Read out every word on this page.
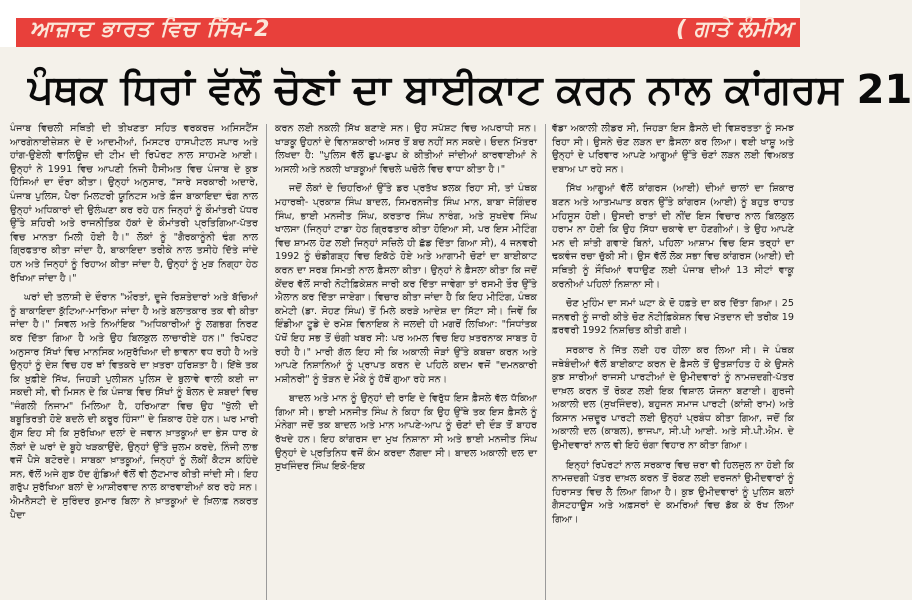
ਆਜ਼ਾਦ ਭਾਰਤ ਵਿਚ ਸਿੱਖ-2	( ਗਾਤੇ ਲੰਮੀਅ
ਪੰਥਕ ਧਿਰਾਂ ਵੱਲੋਂ ਚੋਣਾਂ ਦਾ ਬਾਈਕਾਟ ਕਰਨ ਨਾਲ ਕਾਂਗਰਸ 21

ਪੰਜਾਬ ਵਿਚਲੀ ਸਥਿਤੀ ਦੀ ਤੀਖਣਤਾ ਸਹਿਤ ਵਰਕਰਜ਼ ਅਸਿਸਟੈਂਸ ਆਰਗੇਨਾਈਜ਼ੇਸ਼ਨ ਦੇ ਦੋ ਆਦਮੀਆਂ, ਮਿਸਟਰ ਹਾਸਪੀਟਲ ਸਪਾਰ ਅਤੇ ਹਾਂਗ-ਉਏਲੀ ਵਾਲਿਊਜ਼ ਦੀ ਟੀਮ ਦੀ ਰਿਪੋਰਟ ਨਾਲ ਸਾਹਮਣੇ ਆਈ। ਉਨ੍ਹਾਂ ਨੇ 1991 ਵਿਚ ਆਪਣੀ ਨਿਜੀ ਹੈਸੀਅਤ ਵਿਚ ਪੰਜਾਬ ਦੇ ਕੁਝ ਹਿੱਸਿਆਂ ਦਾ ਦੌਰਾ ਕੀਤਾ। ਉਨ੍ਹਾਂ ਅਨੁਸਾਰ, "ਸਾਰੇ ਸਰਕਾਰੀ ਅਦਾਰੇ, ਪੰਜਾਬ ਪੁਲਿਸ, ਪੈਰਾ ਮਿਲਟਰੀ ਯੂਨਿਟਸ ਅਤੇ ਫ਼ੌਜ ਬਾਕਾਇਦਾ ਢੰਗ ਨਾਲ ਉਨ੍ਹਾਂ ਅਧਿਕਾਰਾਂ ਦੀ ਉਲੰਘਣਾ ਕਰ ਰਹੇ ਹਨ ਜਿਨ੍ਹਾਂ ਨੂੰ ਕੌਮਾਂਤਰੀ ਪੱਧਰ ਉੱਤੇ ਸ਼ਹਿਰੀ ਅਤੇ ਰਾਜਨੀਤਿਕ ਹੱਕਾਂ ਦੇ ਕੌਮਾਂਤਰੀ ਪ੍ਰਤਿਗਿਆ-ਪੱਤਰ ਵਿਚ ਮਾਨਤਾ ਮਿਲੀ ਹੋਈ ਹੈ।" ਲੋਕਾਂ ਨੂੰ "ਗੈਰਕਾਨੂੰਨੀ ਢੰਗ ਨਾਲ ਗ੍ਰਿਫਤਾਰ ਕੀਤਾ ਜਾਂਦਾ ਹੈ, ਬਾਕਾਇਦਾ ਤਰੀਕੇ ਨਾਲ ਤਸੀਹੇ ਦਿੱਤੇ ਜਾਂਦੇ ਹਨ ਅਤੇ ਜਿਨ੍ਹਾਂ ਨੂੰ ਰਿਹਾਅ ਕੀਤਾ ਜਾਂਦਾ ਹੈ, ਉਨ੍ਹਾਂ ਨੂੰ ਮੁੜ ਨਿਗ੍ਹਾ ਹੇਠ ਰੱਖਿਆ ਜਾਂਦਾ ਹੈ।"

ਘਰਾਂ ਦੀ ਤਲਾਸ਼ੀ ਦੇ ਦੌਰਾਨ "ਔਰਤਾਂ, ਦੂਜੇ ਰਿਸ਼ਤੇਦਾਰਾਂ ਅਤੇ ਬੱਚਿਆਂ ਨੂੰ ਬਾਕਾਇਦਾ ਕੁੱਟਿਆ-ਮਾਰਿਆ ਜਾਂਦਾ ਹੈ ਅਤੇ ਬਲਾਤਕਾਰ ਤਕ ਵੀ ਕੀਤਾ ਜਾਂਦਾ ਹੈ।" ਸਿਵਲ ਅਤੇ ਨਿਆਂਇਕ "ਅਧਿਕਾਰੀਆਂ ਨੂੰ ਲਗਭਗ ਨਿਰਣ ਕਰ ਦਿੱਤਾ ਗਿਆ ਹੈ ਅਤੇ ਉਹ ਬਿਲਕੁਲ ਲਾਚਾਰੀਏ ਹਨ।" ਰਿਪੋਰਟ ਅਨੁਸਾਰ ਸਿੱਖਾਂ ਵਿਚ ਮਾਨਸਿਕ ਅਸੁਰੱਖਿਆ ਦੀ ਭਾਵਨਾ ਵਧ ਰਹੀ ਹੈ ਅਤੇ ਉਨ੍ਹਾਂ ਨੂੰ ਦੇਸ਼ ਵਿਚ ਹਰ ਥਾਂ ਵਿਤਕਰੇ ਦਾ ਖ਼ਤਰਾ ਹਰਿਸ਼ਤਾ ਹੈ। ਇੱਥੇ ਤਕ ਕਿ ਖ਼ੁਫ਼ੀਏ ਸਿੱਖ, ਜਿਹੜੀ ਪੁਲੀਸ਼ਨ ਪੁਲਿਸ ਦੇ ਬੁਲਾਵੇ ਵਾਲੀ ਕਈ ਜਾ ਸਕਦੀ ਸੀ, ਵੀ ਮਿਸਨ ਦੇ ਕਿ ਪੰਜਾਬ ਵਿਚ ਸਿੱਖਾਂ ਨੂੰ ਬੋਲਨ ਦੇ ਸ਼ਬਦਾਂ ਵਿਚ "ਜੰਗਲੀ ਨਿਜਾਮ" ਮਿਲਿਆ ਹੈ, ਹਰਿਆਣਾ ਵਿਚ ਉਹ "ਖੁੱਲੀ ਦੀ ਬਬੂਤਿਰਤੀ ਹੋਏ ਬਦਲੇ ਦੀ ਕਰੂਰ ਹਿੰਸਾ" ਦੇ ਸ਼ਿਕਾਰ ਹੋਏ ਹਨ। ਘਰ ਮਾਰੀ ਗੁੱਸ ਇਹ ਸੀ ਕਿ ਸੁਰੱਖਿਆ ਦਲਾਂ ਦੇ ਜਵਾਨ ਖ਼ਾਤਕੂਆਂ ਦਾ ਭੇਸ ਧਾਰ ਕੇ ਲੋਕਾਂ ਦੇ ਘਰਾਂ ਦੇ ਬੂਹੇ ਖੜਕਾਉਂਦੇ, ਉਨ੍ਹਾਂ ਉੱਤੇ ਜ਼ੁਲਮ ਕਰਦੇ, ਨਿੰਜੀ ਲਾਭ ਵਜੋਂ ਪੈਸੇ ਬਟੋਰਦੇ। ਸਾਬਕਾ ਖ਼ਾਤਕੂਆਂ, ਜਿਨ੍ਹਾਂ ਨੂੰ ਲੋਕੀਂ ਕੈਟਸ ਕਹਿੰਦੇ ਸਨ, ਵੱਲੋਂ ਅਜੇ ਗੁਝ ਹੱਦ ਗੁੰਡਿਆਂ ਵੱਲੋਂ ਵੀ ਲੁੱਟਮਾਰ ਕੀਤੀ ਜਾਂਦੀ ਸੀ। ਇਹ ਗਰੁੱਪ ਸੁਰੱਖਿਆ ਬਲਾਂ ਦੇ ਆਸ਼ੀਰਵਾਦ ਨਾਲ ਕਾਰਵਾਈਆਂ ਕਰ ਰਹੇ ਸਨ। ਐਮਨੈਸਟੀ ਦੇ ਸੁਰਿੰਦਰ ਕੁਮਾਰ ਬਿਲਾ ਨੇ ਖ਼ਾਤਕੂਆਂ ਦੇ ਖ਼ਿਲਾਫ਼ ਨਕਰਤ ਪੈਦਾ

ਕਰਨ ਲਈ ਨਕਲੀ ਸਿੱਖ ਬਣਾਏ ਸਨ। ਉਹ ਸਪੱਸ਼ਟ ਵਿਚ ਅਪਰਾਧੀ ਸਨ। ਖਾੜਕੂ ਉਹਨਾਂ ਦੇ ਵਿਨਾਸ਼ਕਾਰੀ ਅਸਰ ਤੋਂ ਬਚ ਨਹੀਂ ਸਨ ਸਕਦੇ। ਓਦਨ ਮਿੱਤਰਾ ਲਿਖਦਾ ਹੈ: "ਪੁਲਿਸ ਵੱਲੋਂ ਛੁਪ-ਛੁਪ ਕੇ ਕੀਤੀਆਂ ਜਾਂਦੀਆਂ ਕਾਰਵਾਈਆਂ ਨੇ ਅਸਲੀ ਅਤੇ ਨਕਲੀ ਖਾੜਕੂਆਂ ਵਿਚਲੇ ਘਚੋਲੇ ਵਿਚ ਵਾਧਾ ਕੀਤਾ ਹੈ।"

ਜਦੋਂ ਲੋਕਾਂ ਦੇ ਚਿਹਰਿਆਂ ਉੱਤੇ ਡਰ ਪ੍ਰਤੱਖ ਝਲਕ ਰਿਹਾ ਸੀ, ਤਾਂ ਪੰਥਕ ਮਹਾਰਥੀ- ਪ੍ਰਕਾਸ਼ ਸਿੰਘ ਬਾਦਲ, ਸਿਮਰਨਜੀਤ ਸਿੰਘ ਮਾਨ, ਬਾਬਾ ਜੋਗਿੰਦਰ ਸਿੰਘ, ਭਾਈ ਮਨਜੀਤ ਸਿੰਘ, ਕਰਤਾਰ ਸਿੰਘ ਨਾਰੰਗ, ਅਤੇ ਸੁਖਦੇਵ ਸਿੰਘ ਖਾਲਸਾ (ਜਿਨ੍ਹਾਂ ਟਾਡਾ ਹੇਠ ਗ੍ਰਿਫਤਾਰ ਕੀਤਾ ਹੋਇਆ ਸੀ, ਪਰ ਇਸ ਮੀਟਿੰਗ ਵਿਚ ਸ਼ਾਮਲ ਹੋਣ ਲਈ ਜਿਨ੍ਹਾਂ ਸਜ਼ਿਲੇ ਹੀ ਛੱਡ ਦਿੱਤਾ ਗਿਆ ਸੀ), 4 ਜਨਵਰੀ 1992 ਨੂੰ ਚੰਡੀਗੜ੍ਹ ਵਿਚ ਇਕੱਠੇ ਹੋਏ ਅਤੇ ਆਗਾਮੀ ਚੋਣਾਂ ਦਾ ਬਾਈਕਾਟ ਕਰਨ ਦਾ ਸਰਬ ਸਿਮਤੀ ਨਾਲ ਫ਼ੈਸਲਾ ਕੀਤਾ। ਉਨ੍ਹਾਂ ਨੇ ਫ਼ੈਸਲਾ ਕੀਤਾ ਕਿ ਜਦੋਂ ਕੇਂਦਰ ਵੱਲੋਂ ਸਾਰੀ ਨੋਟੀਫ਼ਿਕੇਸ਼ਨ ਜਾਰੀ ਕਰ ਦਿੱਤਾ ਜਾਵੇਗਾ ਤਾਂ ਰਸਮੀ ਤੌਰ ਉੱਤੇ ਐਲਾਨ ਕਰ ਦਿੱਤਾ ਜਾਏਗਾ। ਵਿਚਾਰ ਕੀਤਾ ਜਾਂਦਾ ਹੈ ਕਿ ਇਹ ਮੀਟਿੰਗ, ਪੰਥਕ ਕਮੇਟੀ (ਡਾ. ਸੋਹਣ ਸਿੰਘ) ਤੋਂ ਮਿਲੇ ਕਰੜੇ ਆਦੇਸ਼ ਦਾ ਸਿੱਟਾ ਸੀ। ਜਿਵੇਂ ਕਿ ਇੰਡੀਆ ਟੂਡੇ ਦੇ ਰਮੇਸ਼ ਵਿਨਾਇਕ ਨੇ ਜਲਦੀ ਹੀ ਮਗਰੋਂ ਲਿਖਿਆ: "ਸਿਧਾਂਤਕ ਪੱਖੋਂ ਇਹ ਸਭ ਤੋਂ ਚੰਗੀ ਖਬਰ ਸੀ: ਪਰ ਅਮਲ ਵਿਚ ਇਹ ਖ਼ਤਰਨਾਕ ਸਾਬਤ ਹੋ ਰਹੀ ਹੈ।" ਮਾਰੀ ਗੱਲ ਇਹ ਸੀ ਕਿ ਅਕਾਲੀ ਜੋੜਾਂ ਉੱਤੇ ਕਬਜ਼ਾ ਕਰਨ ਅਤੇ ਆਪਣੇ ਨਿਸ਼ਾਨਿਆਂ ਨੂੰ ਪ੍ਰਾਪਤ ਕਰਨ ਦੇ ਪਹਿਲੇ ਕਦਮ ਵਜੋਂ "ਦਮਨਕਾਰੀ ਮਸ਼ੀਨਰੀ" ਨੂੰ ਤੋੜਨ ਦੇ ਮੌਕੇ ਨੂੰ ਹੱਥੋਂ ਗੁਆ ਰਹੇ ਸਨ।

ਬਾਦਲ ਅਤੇ ਮਾਨ ਨੂੰ ਉਨ੍ਹਾਂ ਦੀ ਰਾਇ ਦੇ ਵਿਰੁੱਧ ਇਸ ਫ਼ੈਸਲੇ ਵੱਲ ਧੱਕਿਆ ਗਿਆ ਸੀ। ਭਾਈ ਮਨਜੀਤ ਸਿੰਘ ਨੇ ਕਿਹਾ ਕਿ ਉਹ ਉੱਥੇ ਤਕ ਇਸ ਫ਼ੈਸਲੇ ਨੂੰ ਮੰਨੇਗਾ ਜਦੋਂ ਤਕ ਬਾਦਲ ਅਤੇ ਮਾਨ ਆਪਣੇ-ਆਪ ਨੂੰ ਚੋਣਾਂ ਦੀ ਦੌੜ ਤੋਂ ਬਾਹਰ ਰੱਖਦੇ ਹਨ। ਇਹ ਕਾਂਗਰਸ ਦਾ ਮੁਖ ਨਿਸ਼ਾਨਾ ਸੀ ਅਤੇ ਭਾਈ ਮਨਜੀਤ ਸਿੰਘ ਉਨ੍ਹਾਂ ਦੇ ਪ੍ਰਤਿਨਿਧ ਵਜੋਂ ਕੰਮ ਕਰਦਾ ਲੱਗਦਾ ਸੀ। ਬਾਦਲ ਅਕਾਲੀ ਦਲ ਦਾ ਸੁਖਜਿੰਦਰ ਸਿੰਘ ਇਕੋ-ਇਕ

ਵੱਡਾ ਅਕਾਲੀ ਲੀਡਰ ਸੀ, ਜਿਹੜਾ ਇਸ ਫ਼ੈਸਲੇ ਦੀ ਵਿਸ਼ਰਤਤਾ ਨੂੰ ਸਮਝ ਰਿਹਾ ਸੀ। ਉਸਨੇ ਚੋਣ ਲੜਨ ਦਾ ਫ਼ੈਸਲਾ ਕਰ ਲਿਆ। ਵਈ ਖਾਸ਼ੂ ਅਤੇ ਉਨ੍ਹਾਂ ਦੇ ਪਰਿਵਾਰ ਆਪਣੇ ਆਗੂਆਂ ਉੱਤੇ ਚੋਣਾਂ ਲੜਨ ਲਈ ਵਿਅਕਤ ਦਬਾਅ ਪਾ ਰਹੇ ਸਨ।

ਸਿੱਖ ਆਗੂਆਂ ਵੱਲੋਂ ਕਾਂਗਰਸ (ਆਈ) ਦੀਆਂ ਚਾਲਾਂ ਦਾ ਸ਼ਿਕਾਰ ਬਣਨ ਅਤੇ ਆਤਮਘਾਤ ਕਰਨ ਉੱਤੇ ਕਾਂਗਰਸ (ਆਈ) ਨੂੰ ਬਹੁਤ ਰਾਹਤ ਮਹਿਸੂਸ ਹੋਈ। ਉਸਦੀ ਰਾਤਾਂ ਦੀ ਨੀਂਦ ਇਸ ਵਿਚਾਰ ਨਾਲ ਬਿਲਕੁਲ ਹਰਾਮ ਨਾ ਹੋਈ ਕਿ ਉਹ ਸਿੱਧਾ ਚਕਾਵੇ ਦਾ ਹੋਣਗੀਆਂ। ਤੇ ਉਹ ਆਪਣੇ ਮਨ ਦੀ ਸ਼ਾਂਤੀ ਗਵਾਏ ਬਿਨਾਂ, ਪਹਿਲਾ ਆਸ਼ਾਮ ਵਿਚ ਇਸ ਤਰ੍ਹਾਂ ਦਾ ਢਕਵੰਜ ਰਚਾ ਚੁੱਕੀ ਸੀ। ਉਸ ਵੱਲੋਂ ਲੋਕ ਸਭਾ ਵਿਚ ਕਾਂਗਰਸ (ਆਈ) ਦੀ ਸਥਿਤੀ ਨੂੰ ਸੌਖਿਆਂ ਵਧਾਉਣ ਲਈ ਪੰਜਾਬ ਦੀਆਂ 13 ਸੀਟਾਂ ਵਾਕੂ ਕਰਨੀਆਂ ਪਹਿਲਾਂ ਨਿਸ਼ਾਨਾ ਸੀ।

ਚੋਣ ਮੁਹਿੰਮ ਦਾ ਸਮਾਂ ਘਟਾ ਕੇ ਦੋ ਹਫ਼ਤੇ ਦਾ ਕਰ ਦਿੱਤਾ ਗਿਆ। 25 ਜਨਵਰੀ ਨੂੰ ਜਾਰੀ ਕੀਤੇ ਚੋਣ ਨੋਟੀਫ਼ਿਕੇਸ਼ਨ ਵਿਚ ਮੱਤਦਾਨ ਦੀ ਤਰੀਕ 19 ਫ਼ਰਵਰੀ 1992 ਨਿਸ਼ਚਿਤ ਕੀਤੀ ਗਈ।

ਸਰਕਾਰ ਨੇ ਜਿੱਤ ਲਈ ਹਰ ਹੀਲਾ ਕਰ ਲਿਆ ਸੀ। ਜੇ ਪੰਥਕ ਜਥੇਬੰਦੀਆਂ ਵੱਲੋਂ ਬਾਈਕਾਟ ਕਰਨ ਦੇ ਫ਼ੈਸਲੇ ਤੋਂ ਉਤਸ਼ਾਹਿਤ ਹੋ ਕੇ ਉਸਨੇ ਕੁਝ ਸਾਰੀਆਂ ਰਾਜਸੀ ਪਾਰਟੀਆਂ ਦੇ ਉਮੀਦਵਾਰਾਂ ਨੂੰ ਨਾਮਜ਼ਦਗੀ-ਪੱਤਰ ਦਾਖ਼ਲ ਕਰਨ ਤੋਂ ਰੋਕਣ ਲਈ ਇਕ ਵਿਸ਼ਾਲ ਯੋਜਨਾ ਬਣਾਈ। ਗੁਰਜੀ ਅਕਾਲੀ ਦਲ (ਸੁਖਜਿੰਦਰ), ਬਹੁਜਨ ਸਮਾਜ ਪਾਰਟੀ (ਕਾਂਸ਼ੀ ਰਾਮ) ਅਤੇ ਕਿਸਾਨ ਮਜ਼ਦੂਰ ਪਾਰਟੀ ਲਈ ਉਨ੍ਹਾਂ ਪ੍ਰਬੰਧ ਕੀਤਾ ਗਿਆ, ਜਦੋਂ ਕਿ ਅਕਾਲੀ ਦਲ (ਕਾਬਲ), ਭਾਜਪਾ, ਸੀ.ਪੀ ਆਈ. ਅਤੇ ਸੀ.ਪੀ.ਐਮ. ਦੇ ਉਮੀਦਵਾਰਾਂ ਨਾਲ ਵੀ ਇਹੋ ਚੰਗਾ ਵਿਹਾਰ ਨਾ ਕੀਤਾ ਗਿਆ।

ਇਨ੍ਹਾਂ ਰਿਪੋਰਟਾਂ ਨਾਲ ਸਰਕਾਰ ਵਿਚ ਜ਼ਰਾ ਵੀ ਹਿਲਜੁਲ ਨਾ ਹੋਈ ਕਿ ਨਾਮਜ਼ਦਗੀ ਪੱਤਰ ਦਾਖ਼ਲ ਕਰਨ ਤੋਂ ਰੋਕਣ ਲਈ ਦਰਜਨਾਂ ਉਮੀਦਵਾਰਾਂ ਨੂੰ ਹਿਰਾਸਤ ਵਿਚ ਲੈ ਲਿਆ ਗਿਆ ਹੈ। ਕੁਝ ਉਮੀਦਵਾਰਾਂ ਨੂੰ ਪੁਲਿਸ ਬਲਾਂ ਗੈਸਟਹਾਊਸ ਅਤੇ ਅਫ਼ਸਰਾਂ ਦੇ ਕਮਰਿਆਂ ਵਿਚ ਡੱਕ ਕੇ ਰੱਖ ਲਿਆ ਗਿਆ।
